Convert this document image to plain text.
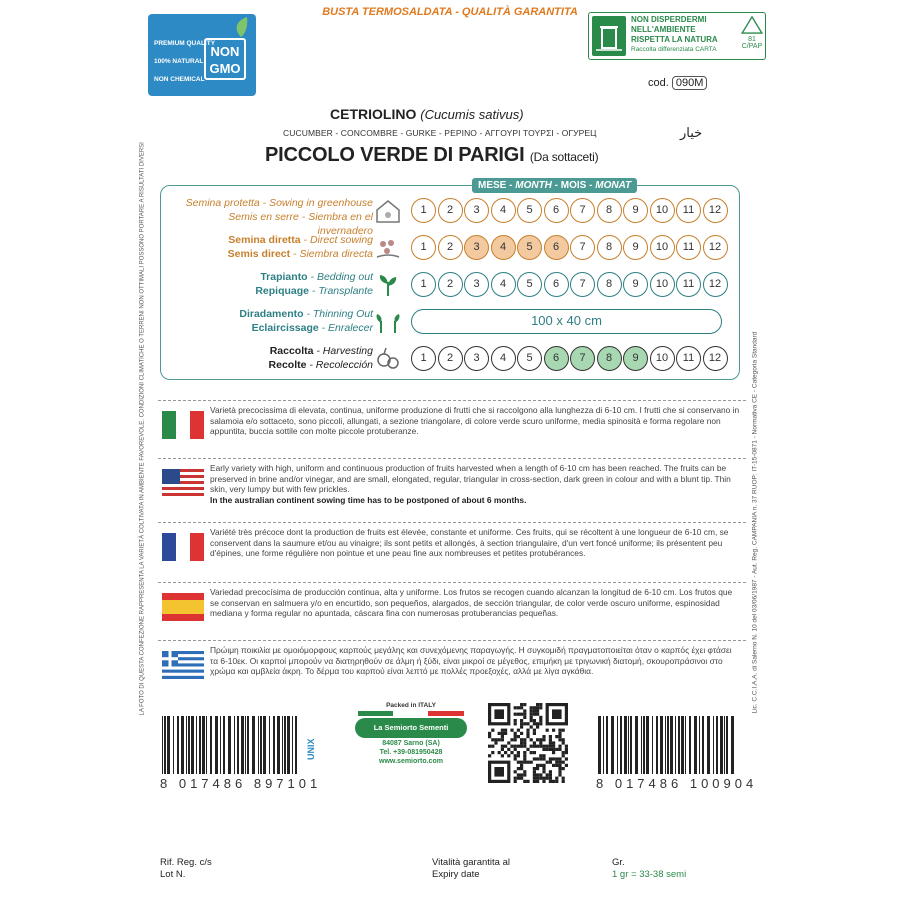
BUSTA TERMOSALDATA - QUALITÀ GARANTITA
PREMIUM QUALITY
100% NATURAL
NON CHEMICAL
NON
GMO
NON DISPERDERMI
NELL'AMBIENTE
RISPETTA LA NATURA
Raccolta differenziata CARTA
81
C/PAP
cod. 090M
CETRIOLINO (Cucumis sativus)
CUCUMBER - CONCOMBRE - GURKE - PEPINO - ΑΓΓΟΥΡΙ ΤΟΥΡΣΙ - ОГУРЕЦ	خيار
PICCOLO VERDE DI PARIGI (Da sottaceti)
Semina protetta - Sowing in greenhouse
Semis en serre - Siembra en el invernadero
1	2	3	4	5	6	7	8	9	10	11	12
Semina diretta - Direct sowing
Semis direct - Siembra directa
1	2	3	4	5	6	7	8	9	10	11	12
Trapianto - Bedding out
Repiquage - Transplante
1	2	3	4	5	6	7	8	9	10	11	12
Diradamento - Thinning Out
Eclaircissage - Enralecer	100 x 40 cm
Raccolta - Harvesting
Recolte - Recolección
1	2	3	4	5	6	7	8	9	10	11	12
MESE - MONTH - MOIS - MONAT
LA FOTO DI QUESTA CONFEZIONE RAPPRESENTA LA VARIETÀ COLTIVATA IN AMBIENTE FAVOREVOLE. CONDIZIONI CLIMATICHE O TERRENI NON OTTIMALI POSSONO PORTARE A RISULTATI DIVERSI	Lic. C.C.I.A.A. di Salerno N. 10 del 03/06/1987 - Aut. Reg. CAMPANIA n. 37 RUOP: IT-15-0871 - Normativa CE - Categoria Standard
Varietà precocissima di elevata, continua, uniforme produzione di frutti che si raccolgono alla lunghezza di 6-10 cm. I frutti che si conservano in salamoia e/o sottaceto, sono piccoli, allungati, a sezione triangolare, di colore verde scuro uniforme, media spinosità e forma regolare non appuntita, buccia sottile con molte piccole protuberanze.
Early variety with high, uniform and continuous production of fruits harvested when a length of 6-10 cm has been reached. The fruits can be preserved in brine and/or vinegar, and are small, elongated, regular, triangular in cross-section, dark green in colour and with a blunt tip. Thin skin, very lumpy but with few prickles.
In the australian continent sowing time has to be postponed of about 6 months.
Variété très précoce dont la production de fruits est élevée, constante et uniforme. Ces fruits, qui se récoltent à une longueur de 6-10 cm, se conservent dans la saumure et/ou au vinaigre; ils sont petits et allongés, à section triangulaire, d'un vert foncé uniforme; ils présentent peu d'épines, une forme régulière non pointue et une peau fine aux nombreuses et petites protubérances.
Variedad precocísima de producción continua, alta y uniforme. Los frutos se recogen cuando alcanzan la longitud de 6-10 cm. Los frutos que se conservan en salmuera y/o en encurtido, son pequeños, alargados, de sección triangular, de color verde oscuro uniforme, espinosidad mediana y forma regular no apuntada, cáscara fina con numerosas protuberancias pequeñas.
Πρώιμη ποικιλία με ομοιόμορφους καρπούς μεγάλης και συνεχόμενης παραγωγής. Η συγκομιδή πραγματοποιείται όταν ο καρπός έχει φτάσει τα 6-10εκ. Οι καρποί μπορούν να διατηρηθούν σε άλμη ή ξύδι, είναι μικροί σε μέγεθος, επιμήκη με τριγωνική διατομή, σκουροπράσινοι στο χρώμα και αμβλεία άκρη. Το δέρμα του καρπού είναι λεπτό με πολλές προεξοχές, αλλά με λίγα αγκάθια.
8 017486 897101
UNIX
Packed in ITALY
La Semiorto Sementi
84087 Sarno (SA)
Tel. +39-081950428
www.semiorto.com
8 017486 100904
Rif. Reg. c/s
Lot N.
Vitalità garantita al
Expiry date
Gr.
1 gr = 33-38 semi
